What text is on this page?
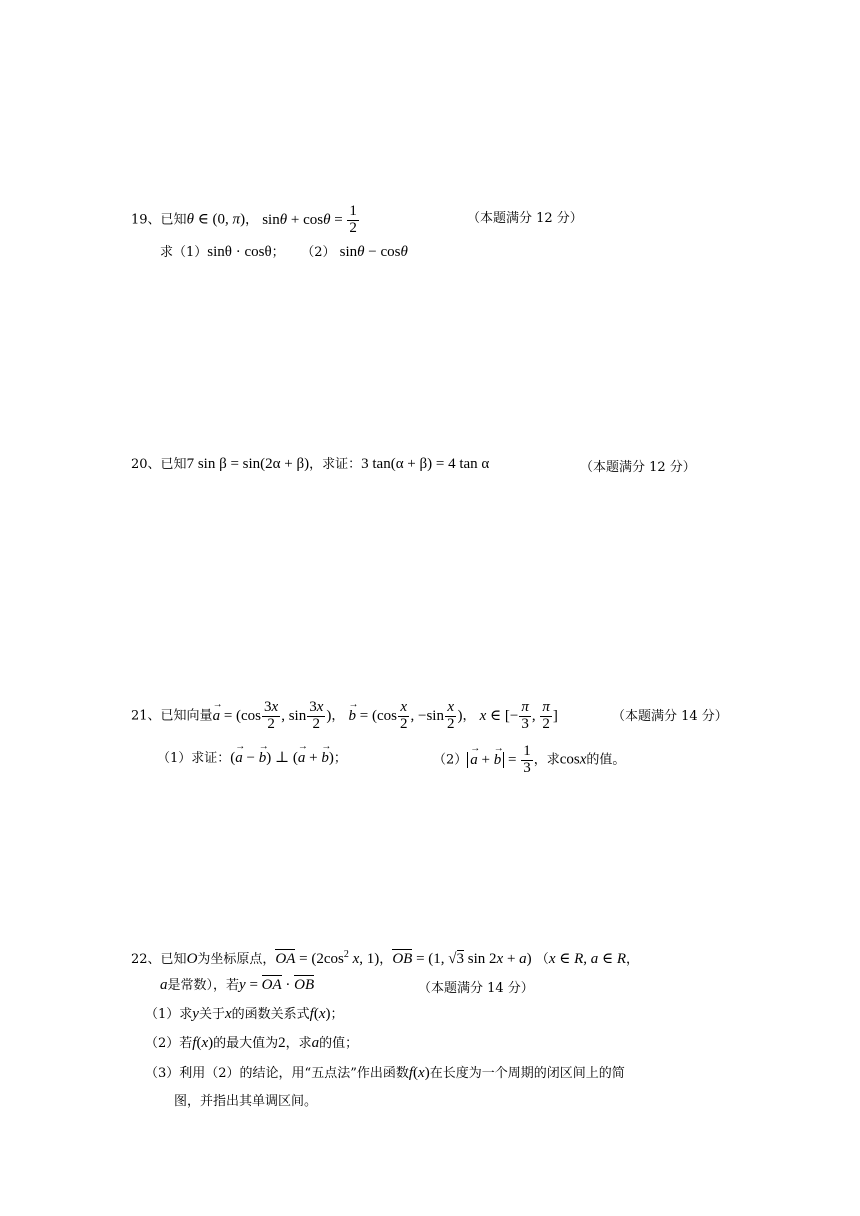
19、已知θ ∈ (0, π)， $\sin\theta + \cos\theta = \frac{1}{2}$	（本题满分 12 分）
求（1）sinθ · cosθ； （2） sinθ − cosθ
20、已知7 sin β = sin(2α + β)，求证：3 tan(α + β) = 4 tan α	（本题满分 12 分）
21、已知向量→ $a = (\cos \frac{3x}{2}$ , $\sin \frac{3x}{2}$ )， → $b = (\cos \frac{x}{2}$ , $-\sin \frac{x}{2}$ )， x ∈ [− $\frac{\pi}{3}$ , $\frac{\pi}{2}$ ]	（本题满分 14 分）
（1）求证：(→ a − → b) ⊥ (→ a + → b)；	（2） → a + → $b = \frac{1}{3}$ ，求cosx的值。
22、已知O为坐标原点，OA = ($2\cos^2$ x, 1)，OB = (1, √3 sin 2x + a) （x ∈ R, a ∈ R，
a是常数），若y = OA · OB	（本题满分 14 分）
（1）求y关于x的函数关系式f(x)；
（2）若f(x)的最大值为2，求a的值；
（3）利用（2）的结论，用“五点法”作出函数f(x)在长度为一个周期的闭区间上的简
图，并指出其单调区间。
